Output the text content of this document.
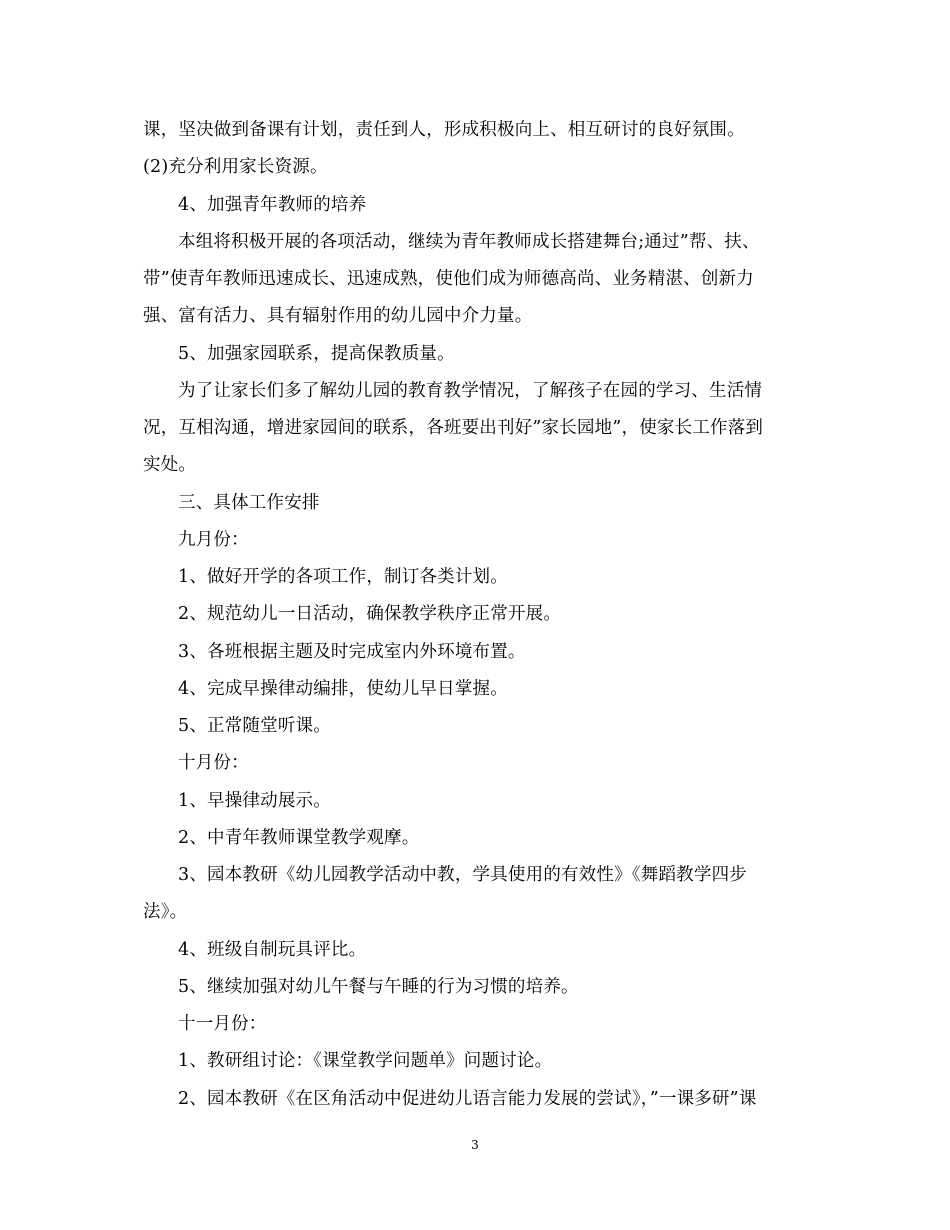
课，坚决做到备课有计划，责任到人，形成积极向上、相互研讨的良好氛围。
(2)充分利用家长资源。
4、加强青年教师的培养
本组将积极开展的各项活动，继续为青年教师成长搭建舞台;通过”帮、扶、
带”使青年教师迅速成长、迅速成熟，使他们成为师德高尚、业务精湛、创新力
强、富有活力、具有辐射作用的幼儿园中介力量。
5、加强家园联系，提高保教质量。
为了让家长们多了解幼儿园的教育教学情况，了解孩子在园的学习、生活情
况，互相沟通，增进家园间的联系，各班要出刊好”家长园地”，使家长工作落到
实处。
三、具体工作安排
九月份：
1、做好开学的各项工作，制订各类计划。
2、规范幼儿一日活动，确保教学秩序正常开展。
3、各班根据主题及时完成室内外环境布置。
4、完成早操律动编排，使幼儿早日掌握。
5、正常随堂听课。
十月份：
1、早操律动展示。
2、中青年教师课堂教学观摩。
3、园本教研《幼儿园教学活动中教，学具使用的有效性》《舞蹈教学四步
法》。
4、班级自制玩具评比。
5、继续加强对幼儿午餐与午睡的行为习惯的培养。
十一月份：
1、教研组讨论：《课堂教学问题单》问题讨论。
2、园本教研《在区角活动中促进幼儿语言能力发展的尝试》，”一课多研”课
3
